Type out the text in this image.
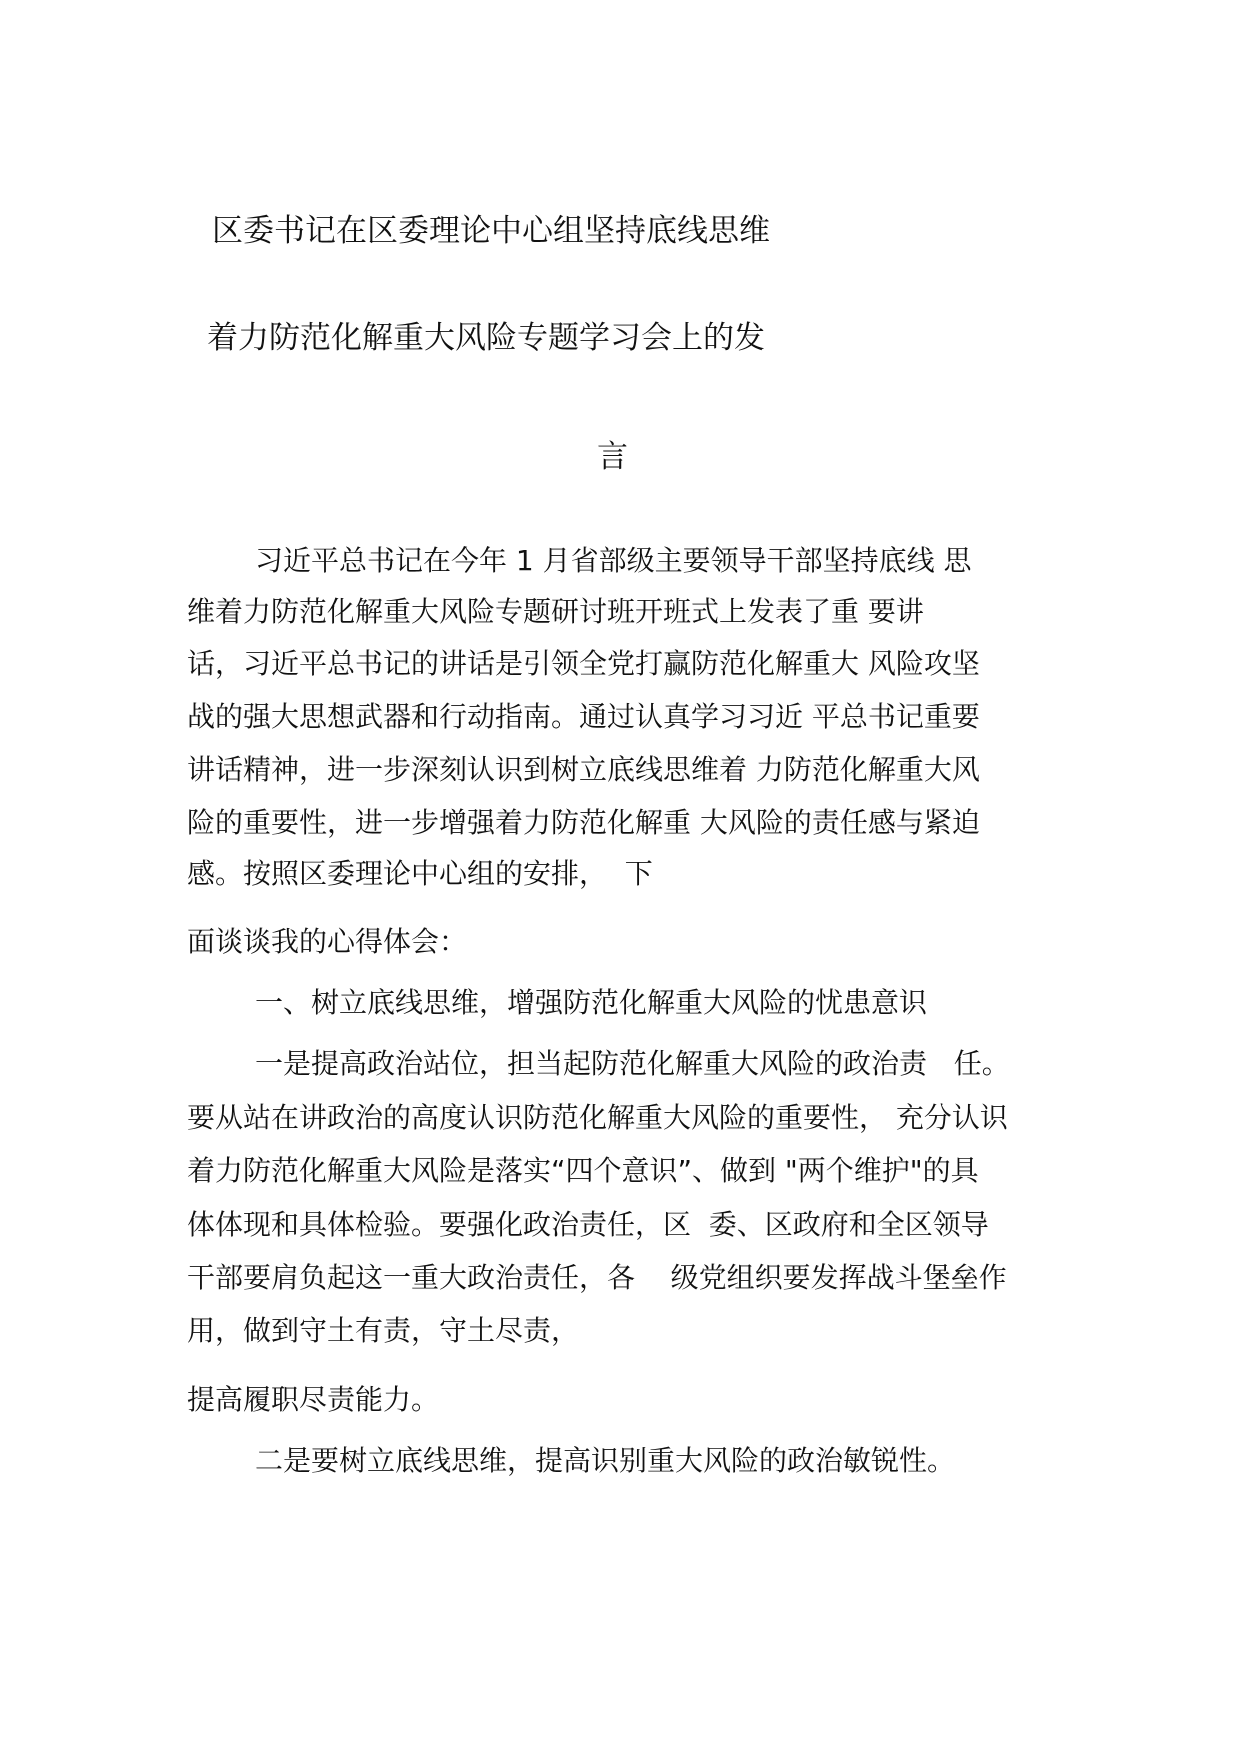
区委书记在区委理论中心组坚持底线思维
着力防范化解重大风险专题学习会上的发
言
习近平总书记在今年 1 月省部级主要领导干部坚持底线 思
维着力防范化解重大风险专题研讨班开班式上发表了重 要讲
话，习近平总书记的讲话是引领全党打赢防范化解重大 风险攻坚
战的强大思想武器和行动指南。通过认真学习习近 平总书记重要
讲话精神，进一步深刻认识到树立底线思维着 力防范化解重大风
险的重要性，进一步增强着力防范化解重 大风险的责任感与紧迫
感。按照区委理论中心组的安排，  下
面谈谈我的心得体会：
一、树立底线思维，增强防范化解重大风险的忧患意识
一是提高政治站位，担当起防范化解重大风险的政治责   任。
要从站在讲政治的高度认识防范化解重大风险的重要性， 充分认识
着力防范化解重大风险是落实“四个意识”、做到 "两个维护"的具
体体现和具体检验。要强化政治责任，区  委、区政府和全区领导
干部要肩负起这一重大政治责任，各    级党组织要发挥战斗堡垒作
用，做到守土有责，守土尽责，
提高履职尽责能力。
二是要树立底线思维，提高识别重大风险的政治敏锐性。
